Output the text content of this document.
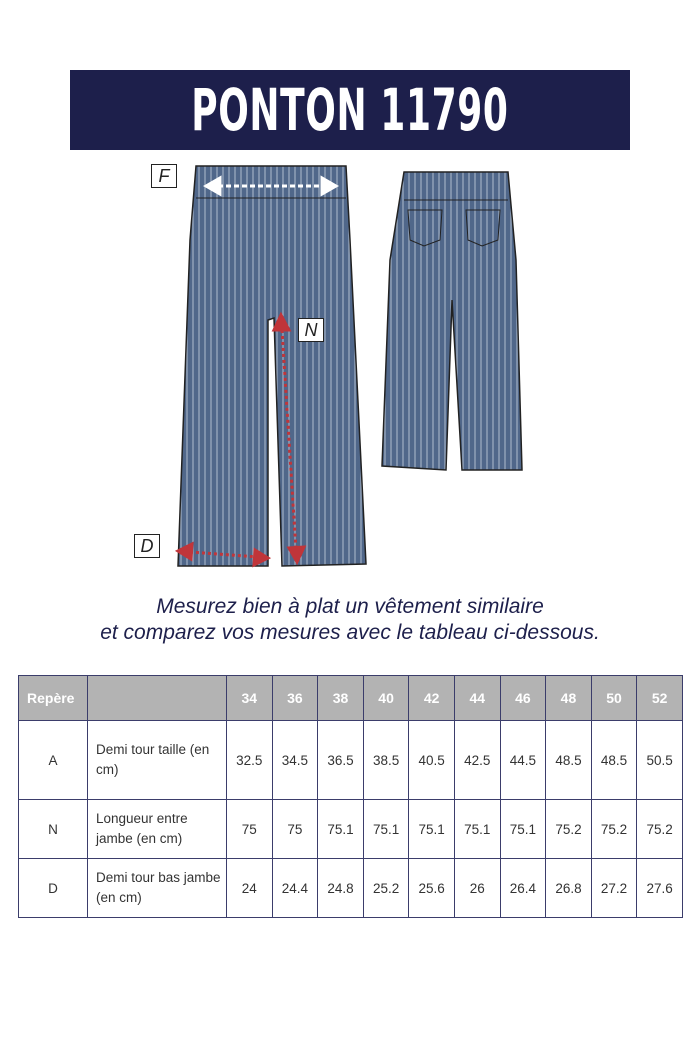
PONTON 11790
F
N
D
Mesurez bien à plat un vêtement similaire
et comparez vos mesures avec le tableau ci-dessous.
Repère		34	36	38	40	42	44	46	48	50	52
A	Demi tour taille (en cm)	32.5	34.5	36.5	38.5	40.5	42.5	44.5	48.5	48.5	50.5
N	Longueur entre jambe (en cm)	75	75	75.1	75.1	75.1	75.1	75.1	75.2	75.2	75.2
D	Demi tour bas jambe (en cm)	24	24.4	24.8	25.2	25.6	26	26.4	26.8	27.2	27.6
